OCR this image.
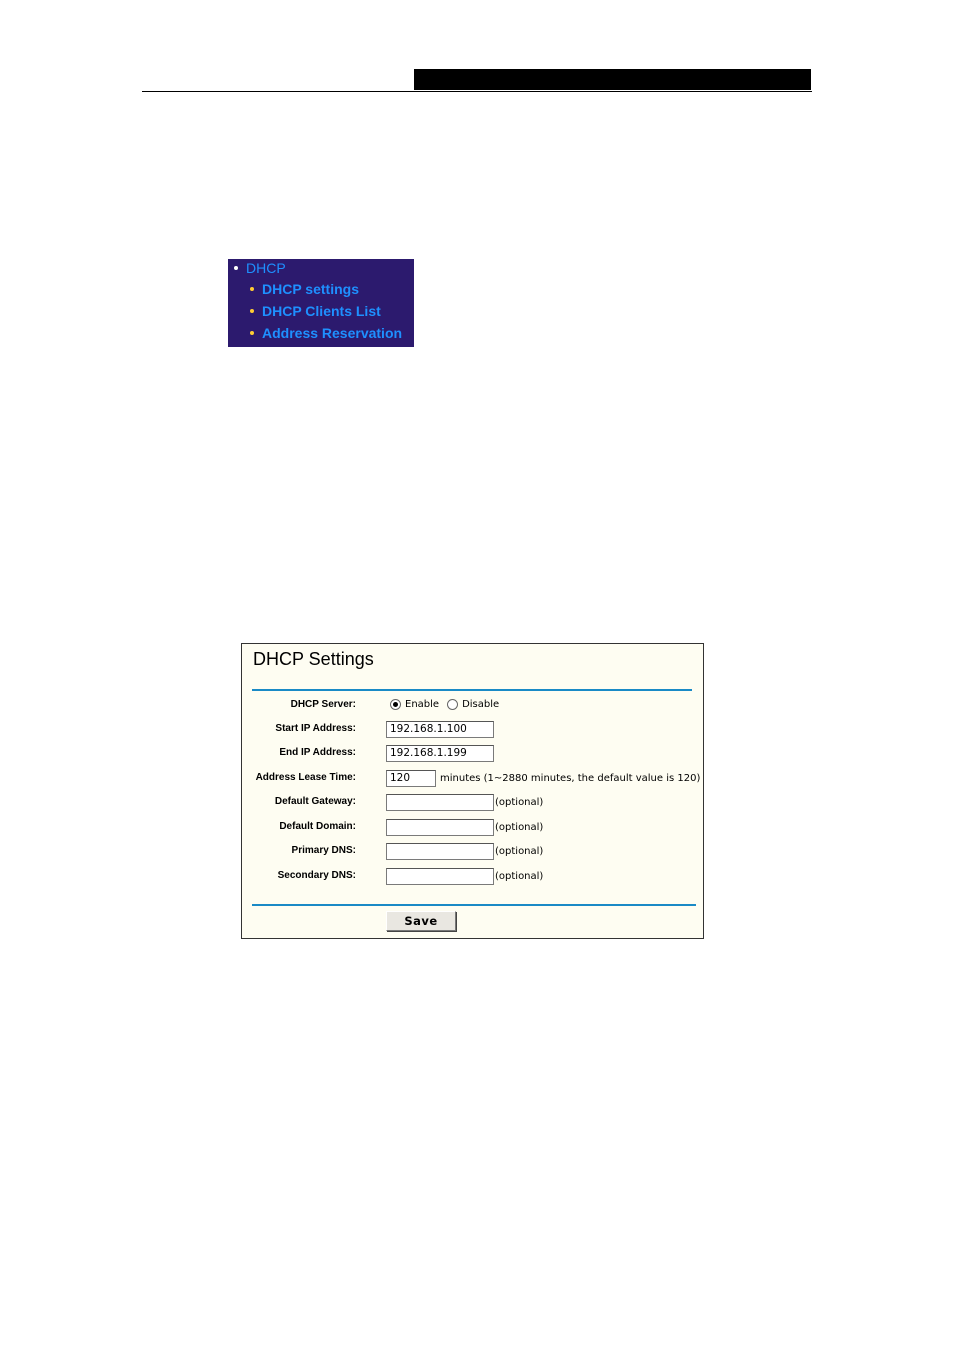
DHCP
DHCP settings
DHCP Clients List
Address Reservation
DHCP Settings
DHCP Server:	Enable Disable
Start IP Address:	192.168.1.100
End IP Address:	192.168.1.199
Address Lease Time:	120	minutes (1~2880 minutes, the default value is 120)
Default Gateway:	(optional)
Default Domain:	(optional)
Primary DNS:	(optional)
Secondary DNS:	(optional)
Save
